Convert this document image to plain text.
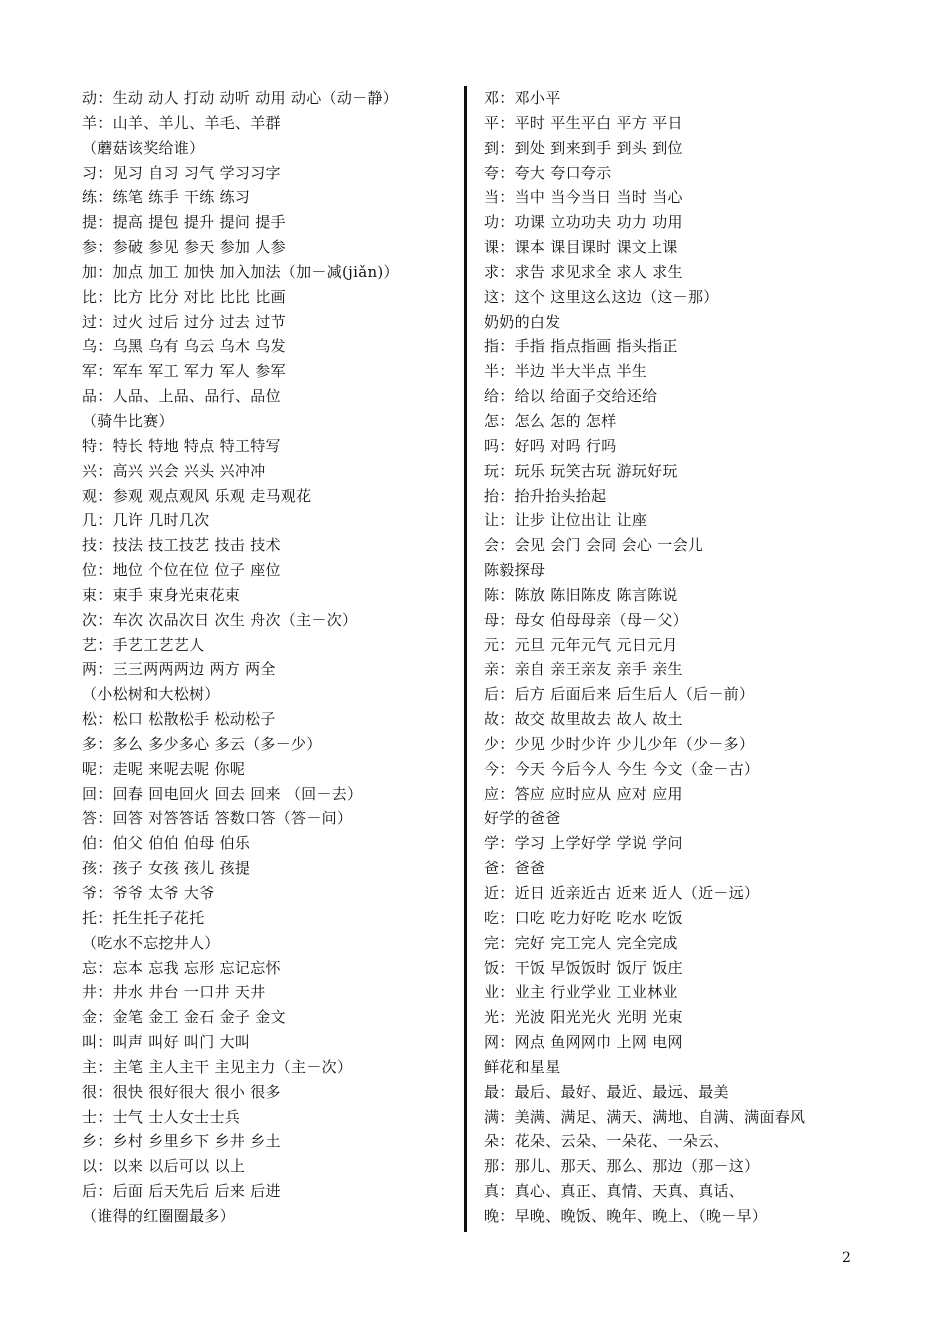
动：生动 动人 打动 动听 动用 动心（动－静）
羊：山羊、羊儿、羊毛、羊群
（蘑菇该奖给谁）
习：见习 自习 习气 学习习字
练：练笔 练手 干练 练习
提：提高 提包 提升 提问 提手
参：参破 参见 参天 参加 人参
加：加点 加工 加快 加入加法（加－减(jiǎn)）
比：比方 比分 对比 比比 比画
过：过火 过后 过分 过去 过节
乌：乌黑 乌有 乌云 乌木 乌发
军：军车 军工 军力 军人 参军
品：人品、上品、品行、品位
（骑牛比赛）
特：特长 特地 特点 特工特写
兴：高兴 兴会 兴头 兴冲冲
观：参观 观点观风 乐观 走马观花
几：几许 几时几次
技：技法 技工技艺 技击 技术
位：地位 个位在位 位子 座位
束：束手 束身光束花束
次：车次 次品次日 次生 舟次（主－次）
艺：手艺工艺艺人
两：三三两两两边 两方 两全
（小松树和大松树）
松：松口 松散松手 松动松子
多：多么 多少多心 多云（多－少）
呢：走呢 来呢去呢 你呢
回：回春 回电回火 回去 回来 （回－去）
答：回答 对答答话 答数口答（答－问）
伯：伯父 伯伯 伯母 伯乐
孩：孩子 女孩 孩儿 孩提
爷：爷爷 太爷 大爷
托：托生托子花托
（吃水不忘挖井人）
忘：忘本 忘我 忘形 忘记忘怀
井：井水 井台 一口井 天井
金：金笔 金工 金石 金子 金文
叫：叫声 叫好 叫门 大叫
主：主笔 主人主干 主见主力（主－次）
很：很快 很好很大 很小 很多
士：士气 士人女士士兵
乡：乡村 乡里乡下 乡井 乡土
以：以来 以后可以 以上
后：后面 后天先后 后来 后进
（谁得的红圈圈最多）
邓：邓小平
平：平时 平生平白 平方 平日
到：到处 到来到手 到头 到位
夸：夸大 夸口夸示
当：当中 当今当日 当时 当心
功：功课 立功功夫 功力 功用
课：课本 课目课时 课文上课
求：求告 求见求全 求人 求生
这：这个 这里这么这边（这－那）
奶奶的白发
指：手指 指点指画 指头指正
半：半边 半大半点 半生
给：给以 给面子交给还给
怎：怎么 怎的 怎样
吗：好吗 对吗 行吗
玩：玩乐 玩笑古玩 游玩好玩
抬：抬升抬头抬起
让：让步 让位出让 让座
会：会见 会门 会同 会心 一会儿
陈毅探母
陈：陈放 陈旧陈皮 陈言陈说
母：母女 伯母母亲（母－父）
元：元旦 元年元气 元日元月
亲：亲自 亲王亲友 亲手 亲生
后：后方 后面后来 后生后人（后－前）
故：故交 故里故去 故人 故土
少：少见 少时少许 少儿少年（少－多）
今：今天 今后今人 今生 今文（金－古）
应：答应 应时应从 应对 应用
好学的爸爸
学：学习 上学好学 学说 学问
爸：爸爸
近：近日 近亲近古 近来 近人（近－远）
吃：口吃 吃力好吃 吃水 吃饭
完：完好 完工完人 完全完成
饭：干饭 早饭饭时 饭厅 饭庄
业：业主 行业学业 工业林业
光：光波 阳光光火 光明 光束
网：网点 鱼网网巾 上网 电网
鲜花和星星
最：最后、最好、最近、最远、最美
满：美满、满足、满天、满地、自满、满面春风
朵：花朵、云朵、一朵花、一朵云、
那：那儿、那天、那么、那边（那－这）
真：真心、真正、真情、天真、真话、
晚：早晚、晚饭、晚年、晚上、（晚－早）
2
